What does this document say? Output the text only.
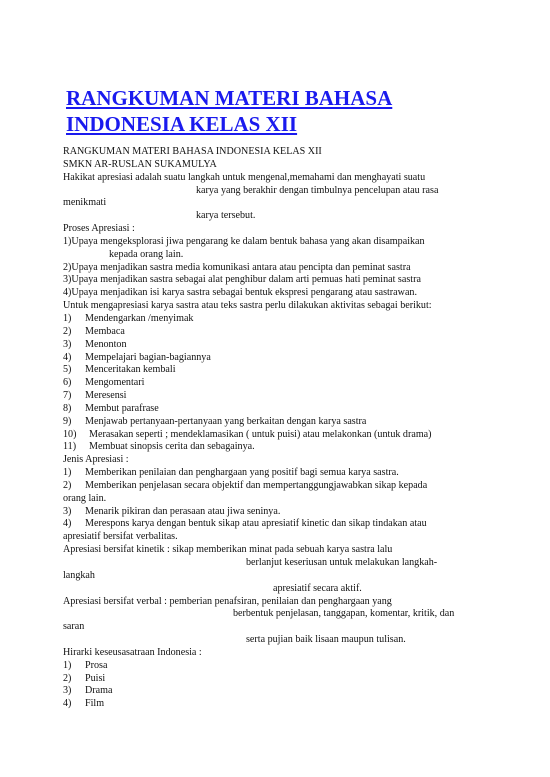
RANGKUMAN MATERI BAHASA INDONESIA KELAS XII
RANGKUMAN MATERI BAHASA INDONESIA KELAS XII
SMKN AR-RUSLAN SUKAMULYA
Hakikat apresiasi adalah suatu langkah untuk mengenal,memahami dan menghayati suatu
karya yang berakhir dengan timbulnya pencelupan atau rasa
menikmati
karya tersebut.
Proses Apresiasi :
1)Upaya mengeksplorasi jiwa pengarang ke dalam bentuk bahasa yang akan disampaikan
kepada orang lain.
2)Upaya menjadikan sastra media komunikasi antara atau pencipta dan peminat sastra
3)Upaya menjadikan sastra sebagai alat penghibur dalam arti pemuas hati peminat sastra
4)Upaya menjadikan isi karya sastra sebagai bentuk ekspresi pengarang atau sastrawan.
Untuk mengapresiasi karya sastra atau teks sastra perlu dilakukan aktivitas sebagai berikut:
1) Mendengarkan /menyimak
2) Membaca
3) Menonton
4) Mempelajari bagian-bagiannya
5) Menceritakan kembali
6) Mengomentari
7) Meresensi
8) Membut parafrase
9) Menjawab pertanyaan-pertanyaan yang berkaitan dengan karya sastra
10) Merasakan seperti ; mendeklamasikan ( untuk puisi) atau melakonkan (untuk drama)
11) Membuat sinopsis cerita dan sebagainya.
Jenis Apresiasi :
1) Memberikan penilaian dan penghargaan yang positif bagi semua karya sastra.
2) Memberikan penjelasan secara objektif dan mempertanggungjawabkan sikap kepada
orang lain.
3) Menarik pikiran dan perasaan atau jiwa seninya.
4) Merespons karya dengan bentuk sikap atau apresiatif kinetic dan sikap tindakan atau
apresiatif bersifat verbalitas.
Apresiasi bersifat kinetik : sikap memberikan minat pada sebuah karya sastra lalu
berlanjut keseriusan untuk melakukan langkah-
langkah
apresiatif secara aktif.
Apresiasi bersifat verbal : pemberian penafsiran, penilaian dan penghargaan yang
berbentuk penjelasan, tanggapan, komentar, kritik, dan
saran
serta pujian baik lisaan maupun tulisan.
Hirarki keseusasatraan Indonesia :
1) Prosa
2) Puisi
3) Drama
4) Film
